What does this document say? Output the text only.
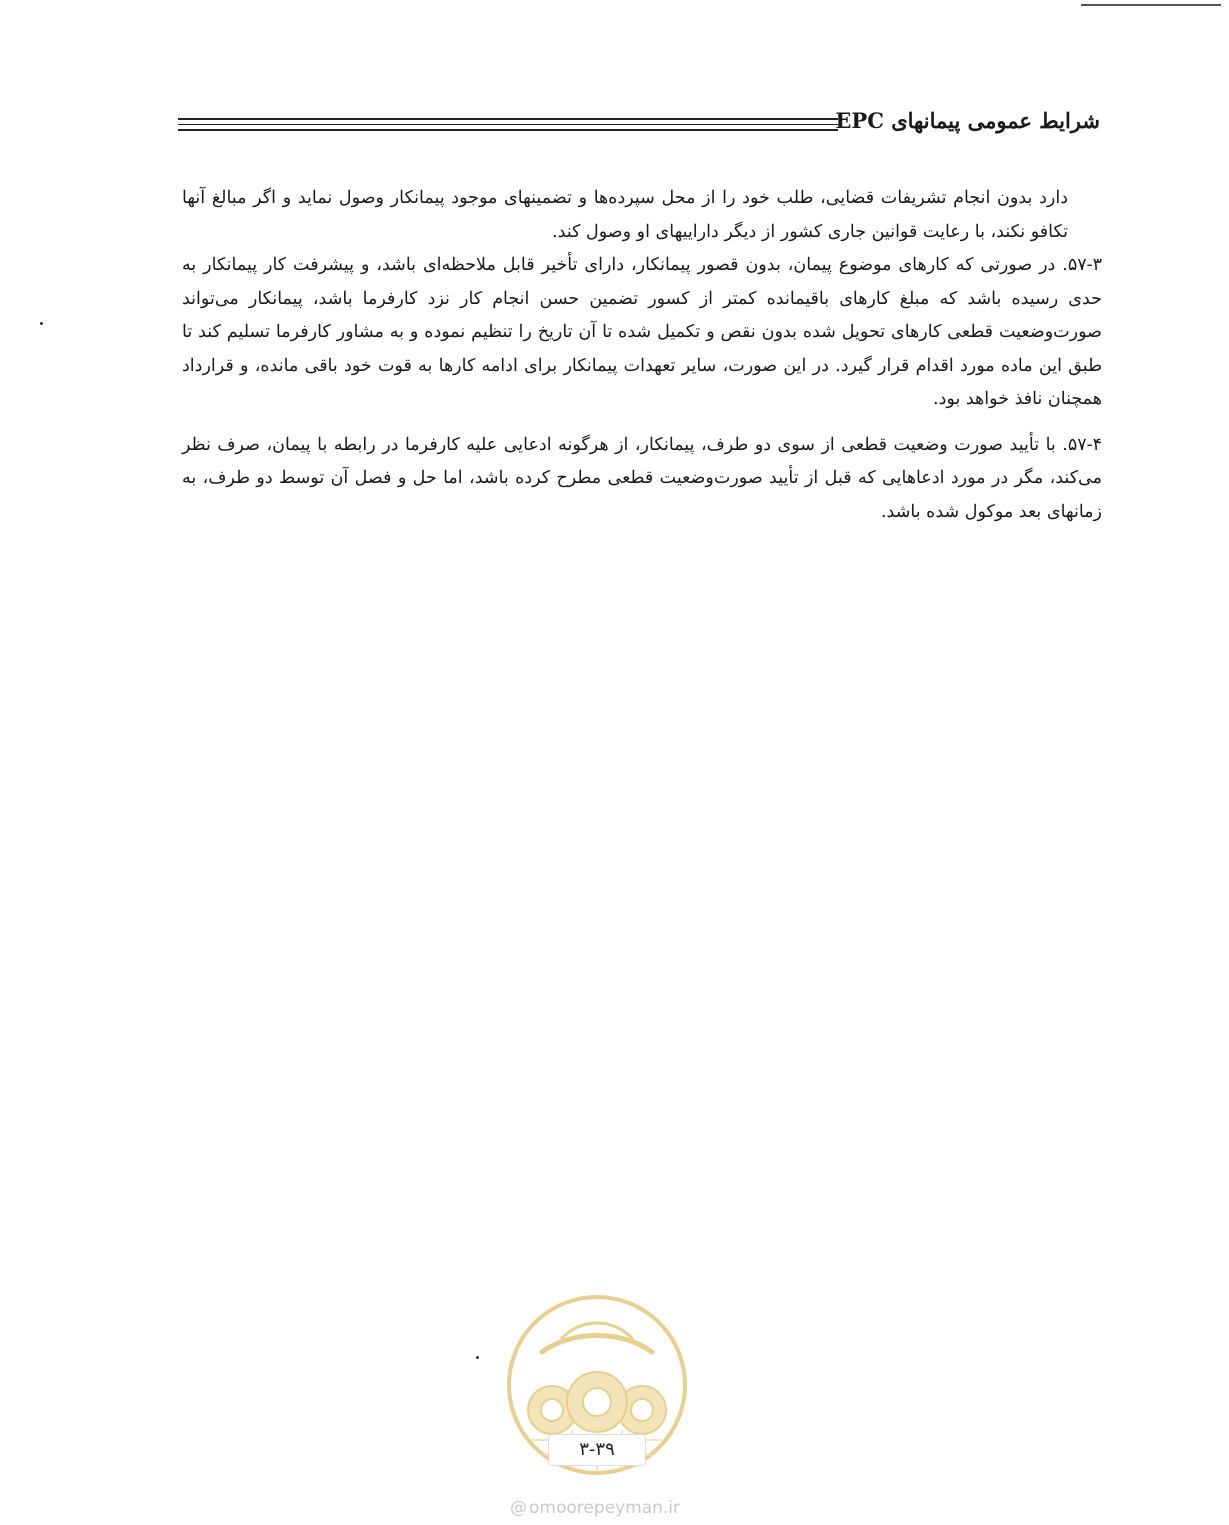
شرایط عمومی پیمانهای EPC

دارد بدون انجام تشریفات قضایی، طلب خود را از محل سپرده‌ها و تضمینهای موجود پیمانکار وصول نماید و اگر مبالغ آنها تکافو نکند، با رعایت قوانین جاری کشور از دیگر داراییهای او وصول کند.

۵۷-۳. در صورتی که کارهای موضوع پیمان، بدون قصور پیمانکار، دارای تأخیر قابل ملاحظه‌ای باشد، و پیشرفت کار پیمانکار به حدی رسیده باشد که مبلغ کارهای باقیمانده کمتر از کسور تضمین حسن انجام کار نزد کارفرما باشد، پیمانکار می‌تواند صورت‌وضعیت قطعی کارهای تحویل شده بدون نقص و تکمیل شده تا آن تاریخ را تنظیم نموده و به مشاور کارفرما تسلیم کند تا طبق این ماده مورد اقدام قرار گیرد. در این صورت، سایر تعهدات پیمانکار برای ادامه کارها به قوت خود باقی مانده، و قرارداد همچنان نافذ خواهد بود.

۵۷-۴. با تأیید صورت وضعیت قطعی از سوی دو طرف، پیمانکار، از هرگونه ادعایی علیه کارفرما در رابطه با پیمان، صرف نظر می‌کند، مگر در مورد ادعاهایی که قبل از تأیید صورت‌وضعیت قطعی مطرح کرده باشد، اما حل و فصل آن توسط دو طرف، به زمانهای بعد موکول شده باشد.

۳-۳۹
@ omoorepeyman.ir
